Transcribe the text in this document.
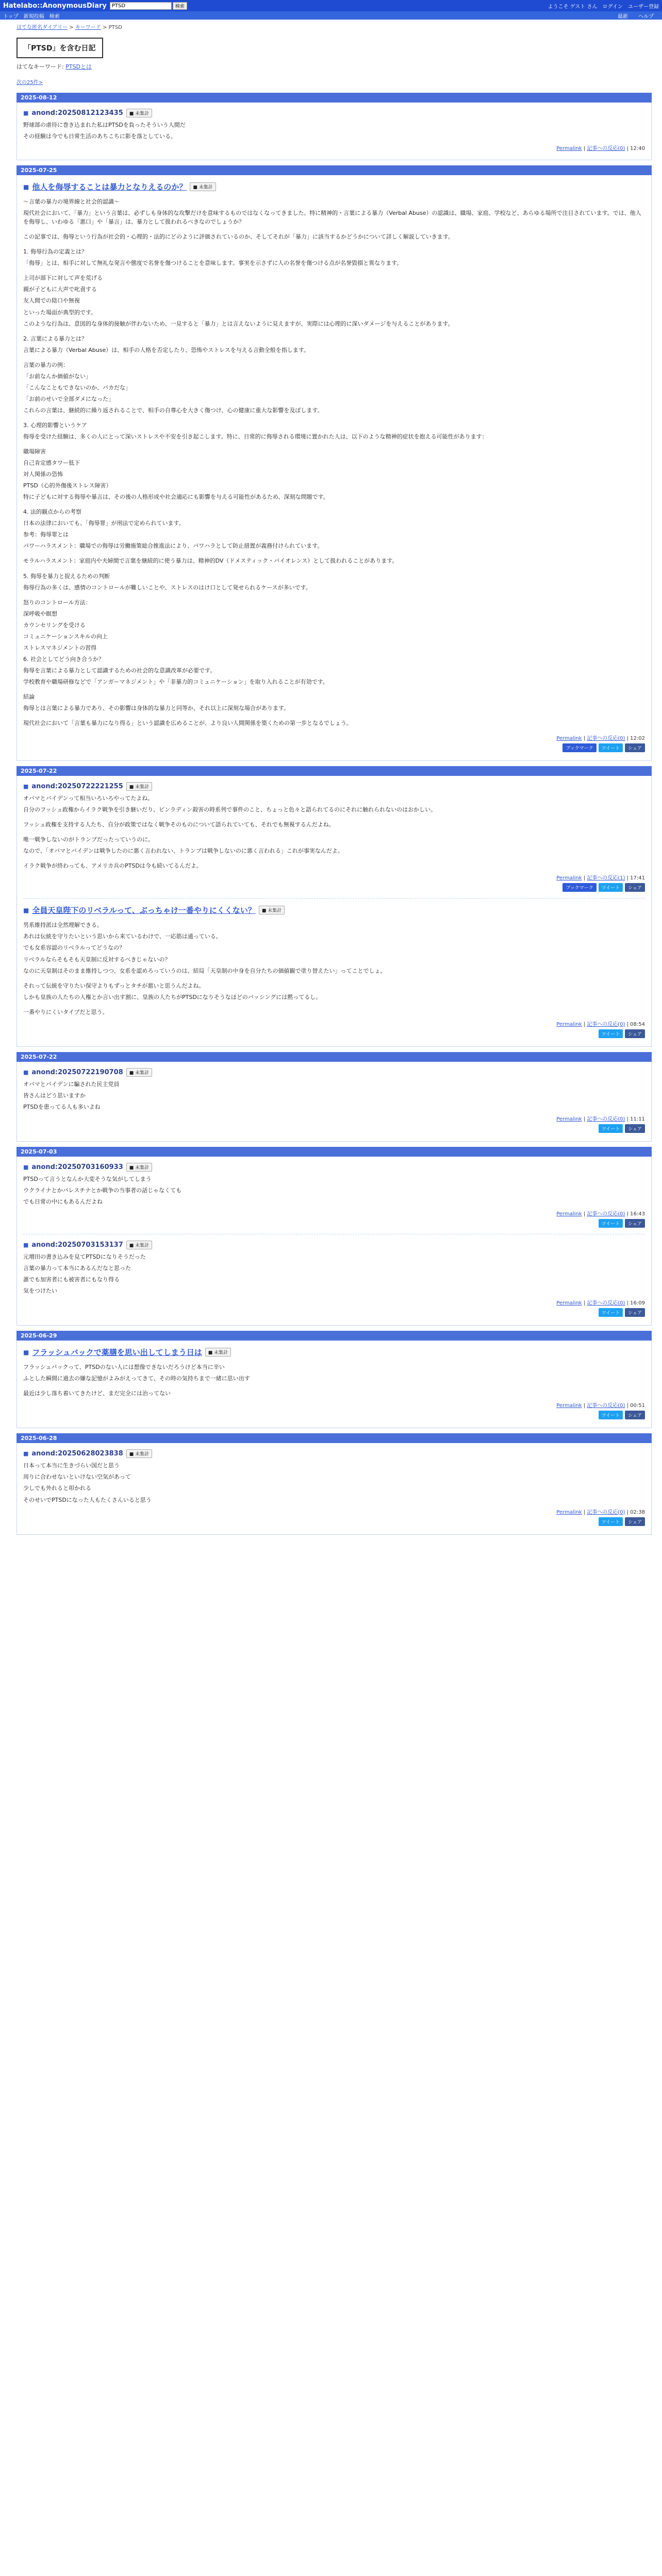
Hatelabo::AnonymousDiary
PTSD	検索	ようこそ ゲスト さん ログイン ユーザー登録
トップ 新規投稿 検索	最新 ヘルプ
はてな匿名ダイアリー > キーワード > PTSD
「PTSD」を含む日記
はてなキーワード: PTSDとは
次の25件>
2025-08-12
■ anond:20250812123435	■ 未集計

野球部の虐待に巻き込まれた私はPTSDを負ったそういう人間だ

その経験は今でも日常生活のあちこちに影を落としている。

Permalink | 記事への反応(0) | 12:40
2025-07-25
■ 他人を侮辱することは暴力となりえるのか？	■ 未集計

〜言葉の暴力の境界線と社会的認識〜

現代社会において、「暴力」という言葉は、必ずしも身体的な攻撃だけを意味するものではなくなってきました。特に精神的・言葉による暴力（Verbal Abuse）の認識は、職場、家庭、学校など、あらゆる場所で注目されています。では、他人を侮辱し、いわゆる「悪口」や「暴言」は、暴力として扱われるべきなのでしょうか？

この記事では、侮辱という行為が社会的・心理的・法的にどのように評価されているのか、そしてそれが「暴力」に該当するかどうかについて詳しく解説していきます。

1. 侮辱行為の定義とは？

「侮辱」とは、相手に対して無礼な発言や態度で名誉を傷つけることを意味します。事実を示さずに人の名誉を傷つける点が名誉毀損と異なります。

上司が部下に対して声を荒げる

親が子どもに大声で叱責する

友人間での陰口や無視

といった場面が典型的です。

このような行為は、意図的な身体的接触が伴わないため、一見すると「暴力」とは言えないように見えますが、実際には心理的に深いダメージを与えることがあります。

2. 言葉による暴力とは？

言葉による暴力（Verbal Abuse）は、相手の人格を否定したり、恐怖やストレスを与える言動全般を指します。

言葉の暴力の例：

「お前なんか価値がない」

「こんなこともできないのか、バカだな」

「お前のせいで全部ダメになった」

これらの言葉は、継続的に繰り返されることで、相手の自尊心を大きく傷つけ、心の健康に重大な影響を及ぼします。

3. 心理的影響というケア

侮辱を受けた経験は、多くの人にとって深いストレスや不安を引き起こします。特に、日常的に侮辱される環境に置かれた人は、以下のような精神的症状を抱える可能性があります：

職場障害

自己肯定感タワー低下

対人関係の恐怖

PTSD（心的外傷後ストレス障害）

特に子どもに対する侮辱や暴言は、その後の人格形成や社会適応にも影響を与える可能性があるため、深刻な問題です。

4. 法的観点からの考察

日本の法律においても、「侮辱罪」が刑法で定められています。

参考：侮辱罪とは

パワーハラスメント：職場での侮辱は労働施策総合推進法により、パワハラとして防止措置が義務付けられています。

モラルハラスメント：家庭内や夫婦間で言葉を継続的に使う暴力は、精神的DV（ドメスティック・バイオレンス）として扱われることがあります。

5. 侮辱を暴力と捉えるための判断

侮辱行為の多くは、感情のコントロールが難しいことや、ストレスのはけ口として発せられるケースが多いです。

怒りのコントロール方法：

深呼吸や瞑想

カウンセリングを受ける

コミュニケーションスキルの向上

ストレスマネジメントの習得

6. 社会としてどう向き合うか？

侮辱を言葉による暴力として認識するための社会的な意識改革が必要です。

学校教育や職場研修などで「アンガーマネジメント」や「非暴力的コミュニケーション」を取り入れることが有効です。

結論

侮辱とは言葉による暴力であり、その影響は身体的な暴力と同等か、それ以上に深刻な場合があります。

現代社会において「言葉も暴力になり得る」という認識を広めることが、より良い人間関係を築くための第一歩となるでしょう。

Permalink | 記事への反応(0) | 12:02
ブックマーク	ツイート	シェア
2025-07-22
■ anond:20250722221255	■ 未集計

オバマとバイデンって相当いろいろやってたよね。

自分のフッシュ政権からイラク戦争を引き継いだり、ビンラディン殺害の時系列で事件のこと、ちょっと色々と語られてるのにそれに触れられないのはおかしい。

フッシュ政権を支持する人たち、自分が政策ではなく戦争そのものについて語られていても、それでも無視するんだよね。

唯一戦争しないのがトランプだったっていうのに。

なので、「オバマとバイデンは戦争したのに悪く言われない、トランプは戦争しないのに悪く言われる」これが事実なんだよ。

イラク戦争が終わっても、アメリカ兵のPTSDは今も続いてるんだよ。

Permalink | 記事への反応(1) | 17:41
ブックマーク	ツイート	シェア
■ 全員天皇陛下のリベラルって、ぶっちゃけ一番やりにくくない？	■ 未集計

男系維持派は全然理解できる。

あれは伝統を守りたいという思いから来ているわけで、一応筋は通っている。

でも女系容認のリベラルってどうなの？

リベラルならそもそも天皇制に反対するべきじゃないの？

なのに天皇制はそのまま維持しつつ、女系を認めろっていうのは、結局「天皇制の中身を自分たちの価値観で塗り替えたい」ってことでしょ。

それって伝統を守りたい保守よりもずっとタチが悪いと思うんだよね。

しかも皇族の人たちの人権とか言い出す割に、皇族の人たちがPTSDになりそうなほどのバッシングには黙ってるし。

一番やりにくいタイプだと思う。

Permalink | 記事への反応(0) | 08:54
ツイート	シェア
2025-07-22
■ anond:20250722190708	■ 未集計

オバマとバイデンに騙された民主党員

皆さんはどう思いますか

PTSDを患ってる人も多いよね

Permalink | 記事への反応(0) | 11:11
ツイート	シェア
2025-07-03
■ anond:20250703160933	■ 未集計

PTSDって言うとなんか大変そうな気がしてしまう

ウクライナとかパレスチナとか戦争の当事者の話じゃなくても

でも日常の中にもあるんだよね

Permalink | 記事への反応(0) | 16:43
ツイート	シェア
■ anond:20250703153137	■ 未集計

元増田の書き込みを見てPTSDになりそうだった

言葉の暴力って本当にあるんだなと思った

誰でも加害者にも被害者にもなり得る

気をつけたい

Permalink | 記事への反応(0) | 16:09
ツイート	シェア
2025-06-29
■ フラッシュバックで薬膳を思い出してしまう日は	■ 未集計

フラッシュバックって、PTSDのない人には想像できないだろうけど本当に辛い

ふとした瞬間に過去の嫌な記憶がよみがえってきて、その時の気持ちまで一緒に思い出す

最近は少し落ち着いてきたけど、まだ完全には治ってない

Permalink | 記事への反応(0) | 00:51
ツイート	シェア
2025-06-28
■ anond:20250628023838	■ 未集計

日本って本当に生きづらい国だと思う

周りに合わせないといけない空気があって

少しでも外れると叩かれる

そのせいでPTSDになった人もたくさんいると思う

Permalink | 記事への反応(0) | 02:38
ツイート	シェア
